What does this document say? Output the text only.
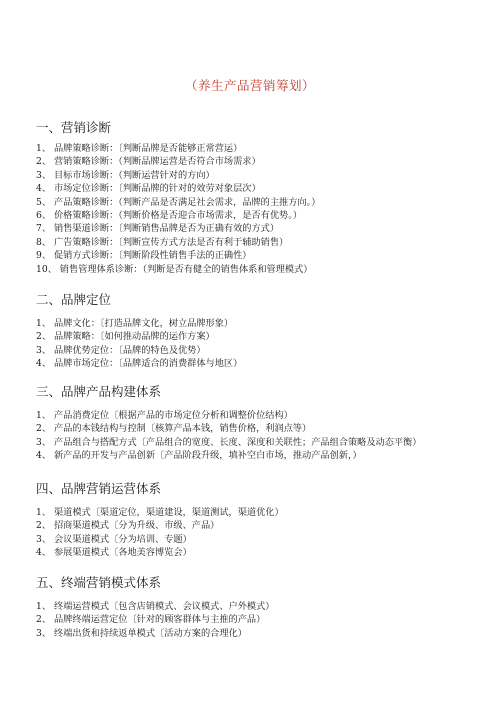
（养生产品营销筹划）
一、营销诊断
1、 品牌策略诊断：〔判断品牌是否能够正常营运）
2、 营销策略诊断：（判断品牌运营是否符合市场需求）
3、 目标市场诊断：（判断运营针对的方向）
4、 市场定位诊断：〔判断品牌的针对的效劳对象层次）
5、 产品策略诊断：（判断产品是否满足社会需求，品牌的主推方向。）
6、 价格策略诊断：（判断价格是否迎合市场需求，是否有优势。）
7、 销售渠道诊断：〔判断销售品牌是否为正确有效的方式）
8、 广告策略诊断：〔判断宣传方式方法是否有利于辅助销售）
9、 促销方式诊断：〔判断阶段性销售手法的正确性）
10、 销售管理体系诊断：（判断是否有健全的销售体系和管理模式）
二、品牌定位
1、 品牌文化：〔打造品牌文化，树立品牌形象）
2、 品牌策略：〔如何推动品牌的运作方案）
3、 品牌优势定位：〔品牌的特色及优势）
4、 品牌市场定位：〔品牌适合的消费群体与地区）
三、品牌产品构建体系
1、 产品消费定位〔根据产品的市场定位分析和调整价位结构）
2、 产品的本钱结构与控制〔核算产品本钱，销售价格，利润点等）
3、 产品组合与搭配方式〔产品组合的宽度、长度、深度和关联性；产品组合策略及动态平衡）
4、 新产品的开发与产品创新〔产品阶段升级，填补空白市场，推动产品创新，）
四、品牌营销运营体系
1、 渠道模式〔渠道定位，渠道建设，渠道测试，渠道优化）
2、 招商渠道模式〔分为升级、市级、产品）
3、 会议渠道模式〔分为培训、专题）
4、 参展渠道模式〔各地美容博览会）
五、终端营销模式体系
1、 终端运营模式〔包含店销模式、会议模式、户外模式）
2、 品牌终端运营定位〔针对的顾客群体与主推的产品）
3、 终端出货和持续返单模式〔活动方案的合理化）
